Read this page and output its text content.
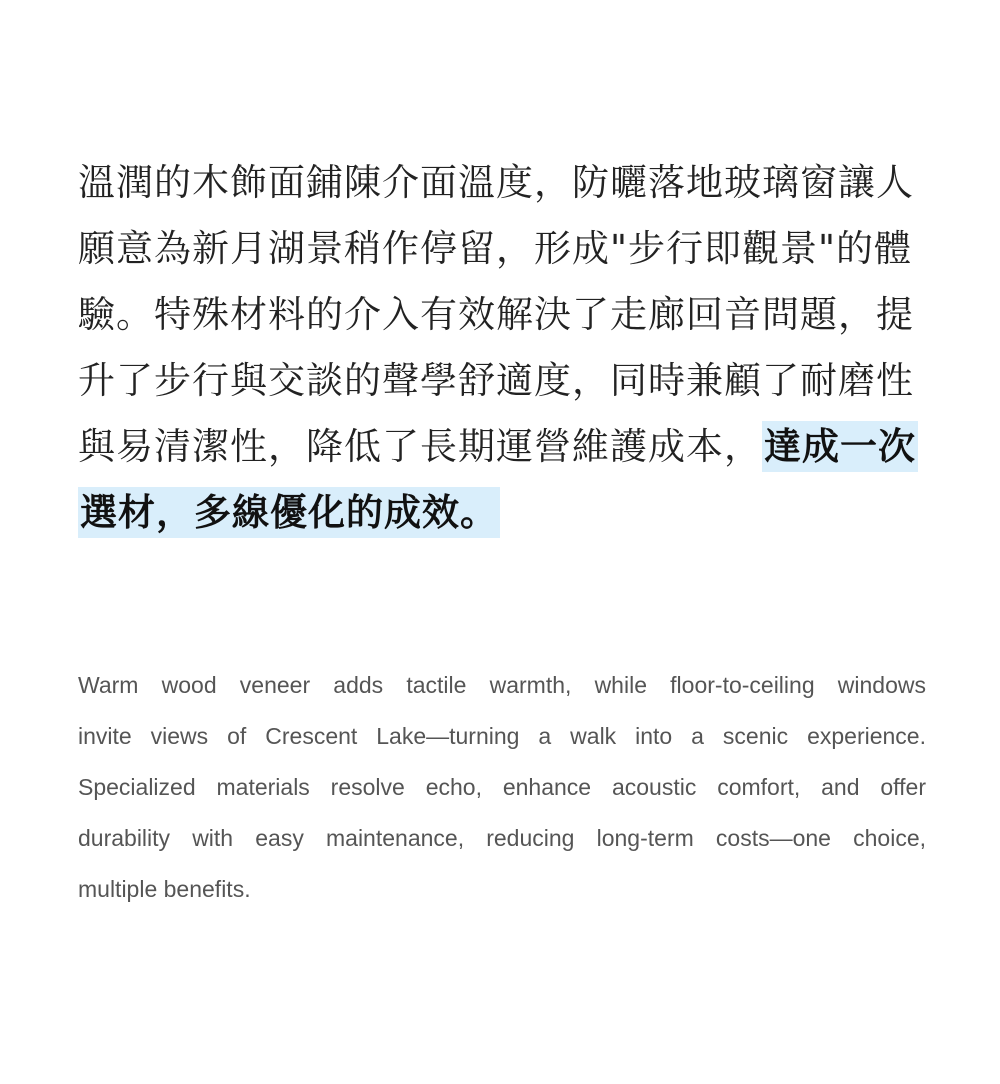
溫潤的木飾面鋪陳介面溫度，防曬落地玻璃窗讓人
願意為新月湖景稍作停留，形成"步行即觀景"的體
驗。特殊材料的介入有效解決了走廊回音問題，提
升了步行與交談的聲學舒適度，同時兼顧了耐磨性
與易清潔性，降低了長期運營維護成本，達成一次
選材，多線優化的成效。

Warm wood veneer adds tactile warmth, while floor-to-ceiling windows
invite views of Crescent Lake—turning a walk into a scenic experience.
Specialized materials resolve echo, enhance acoustic comfort, and offer
durability with easy maintenance, reducing long-term costs—one choice,
multiple benefits.
